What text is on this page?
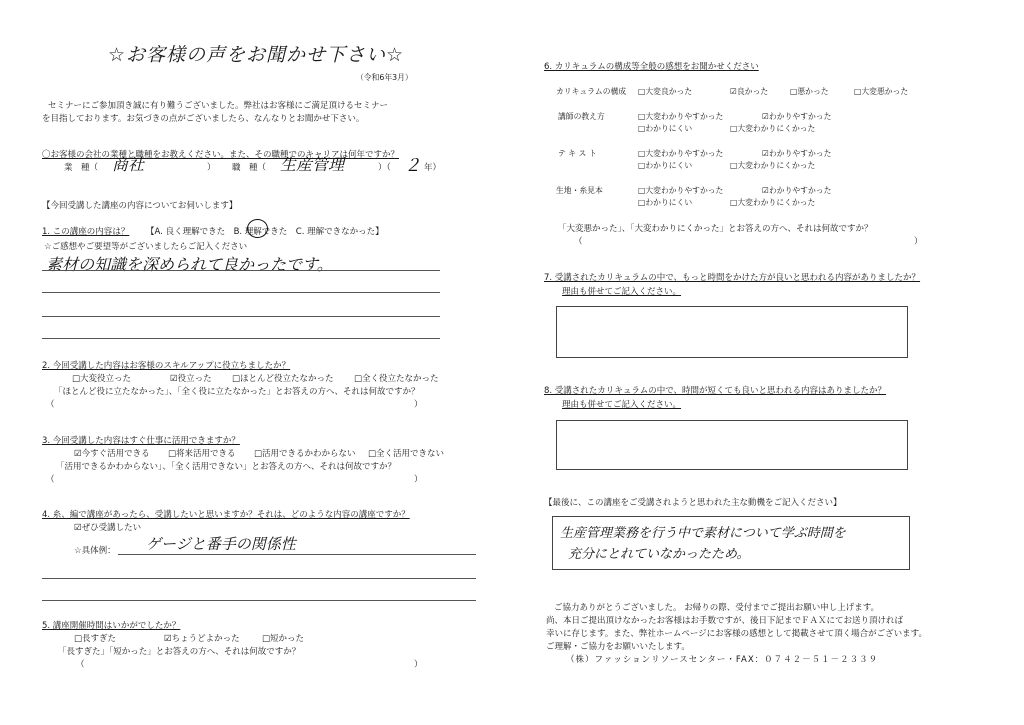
☆お客様の声をお聞かせ下さい☆
（令和6年3月）
セミナーにご参加頂き誠に有り難うございました。弊社はお客様にご満足頂けるセミナー
を目指しております。お気づきの点がございましたら、なんなりとお聞かせ下さい。
〇お客様の会社の業種と職種をお教えください。また、その職種でのキャリアは何年ですか？
業　種（ 商社	） 職　種（ 生産管理	）（ ２ 年）
【今回受講した講座の内容についてお伺いします】
1. この講座の内容は？ 【A. 良く理解できた　B. 理解できた　C. 理解できなかった】
☆ご感想やご要望等がございましたらご記入ください
素材の知識を深められて良かったです。
2. 今回受講した内容はお客様のスキルアップに役立ちましたか？
□大変役立った	☑役立った □ほとんど役立たなかった □全く役立たなかった
「ほとんど役に立たなかった」、「全く役に立たなかった」とお答えの方へ、それは何故ですか？
（	）
3. 今回受講した内容はすぐ仕事に活用できますか？
☑今すぐ活用できる □将来活用できる □活用できるかわからない □全く活用できない
「活用できるかわからない」、「全く活用できない」とお答えの方へ、それは何故ですか？
（	）
4. 糸、編で講座があったら、受講したいと思いますか？それは、どのような内容の講座ですか？
☑ぜひ受講したい
☆具体例： ゲージと番手の関係性
5. 講座開催時間はいかがでしたか？
□長すぎた	☑ちょうどよかった	□短かった
「長すぎた」「短かった」とお答えの方へ、それは何故ですか？
（	）
6. カリキュラムの構成等全般の感想をお聞かせください
カリキュラムの構成 □大変良かった	☑良かった	□悪かった	□大変悪かった
講師の教え方	□大変わかりやすかった	☑わかりやすかった
□わかりにくい	□大変わかりにくかった
テ キ ス ト	□大変わかりやすかった	☑わかりやすかった
□わかりにくい	□大変わかりにくかった
生地・糸見本	□大変わかりやすかった	☑わかりやすかった
□わかりにくい	□大変わかりにくかった
「大変悪かった」、「大変わかりにくかった」とお答えの方へ、それは何故ですか？
（	）
7. 受講されたカリキュラムの中で、もっと時間をかけた方が良いと思われる内容がありましたか？
理由も併せてご記入ください。
8. 受講されたカリキュラムの中で、時間が短くても良いと思われる内容はありましたか？
理由も併せてご記入ください。
【最後に、この講座をご受講されようと思われた主な動機をご記入ください】
生産管理業務を行う中で素材について学ぶ時間を
充分にとれていなかったため。
ご協力ありがとうございました。 お帰りの際、受付までご提出お願い申し上げます。
尚、本日ご提出頂けなかったお客様はお手数ですが、後日下記までＦＡＸにてお送り頂ければ
幸いに存じます。また、弊社ホームページにお客様の感想として掲載させて頂く場合がございます。
ご理解・ご協力をお願いいたします。
（株）ファッションリソースセンター・FAX：０７４２－５１－２３３９
